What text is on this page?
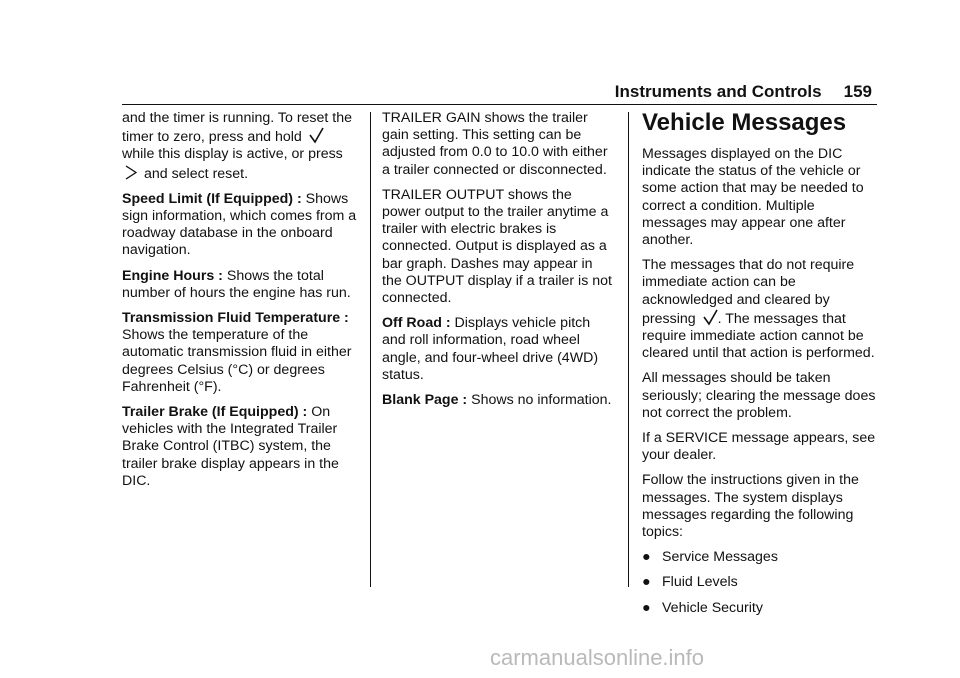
Instruments and Controls 159

and the timer is running. To reset the timer to zero, press and hold  while this display is active, or press  and select reset.

Speed Limit (If Equipped) : Shows sign information, which comes from a roadway database in the onboard navigation.

Engine Hours : Shows the total number of hours the engine has run.

Transmission Fluid Temperature : Shows the temperature of the automatic transmission fluid in either degrees Celsius (°C) or degrees Fahrenheit (°F).

Trailer Brake (If Equipped) : On vehicles with the Integrated Trailer Brake Control (ITBC) system, the trailer brake display appears in the DIC.

TRAILER GAIN shows the trailer gain setting. This setting can be adjusted from 0.0 to 10.0 with either a trailer connected or disconnected.

TRAILER OUTPUT shows the power output to the trailer anytime a trailer with electric brakes is connected. Output is displayed as a bar graph. Dashes may appear in the OUTPUT display if a trailer is not connected.

Off Road : Displays vehicle pitch and roll information, road wheel angle, and four-wheel drive (4WD) status.

Blank Page : Shows no information.

Vehicle Messages

Messages displayed on the DIC indicate the status of the vehicle or some action that may be needed to correct a condition. Multiple messages may appear one after another.

The messages that do not require immediate action can be acknowledged and cleared by pressing . The messages that require immediate action cannot be cleared until that action is performed.

All messages should be taken seriously; clearing the message does not correct the problem.

If a SERVICE message appears, see your dealer.

Follow the instructions given in the messages. The system displays messages regarding the following topics:

● Service Messages

● Fluid Levels

● Vehicle Security

carmanualsonline.info
